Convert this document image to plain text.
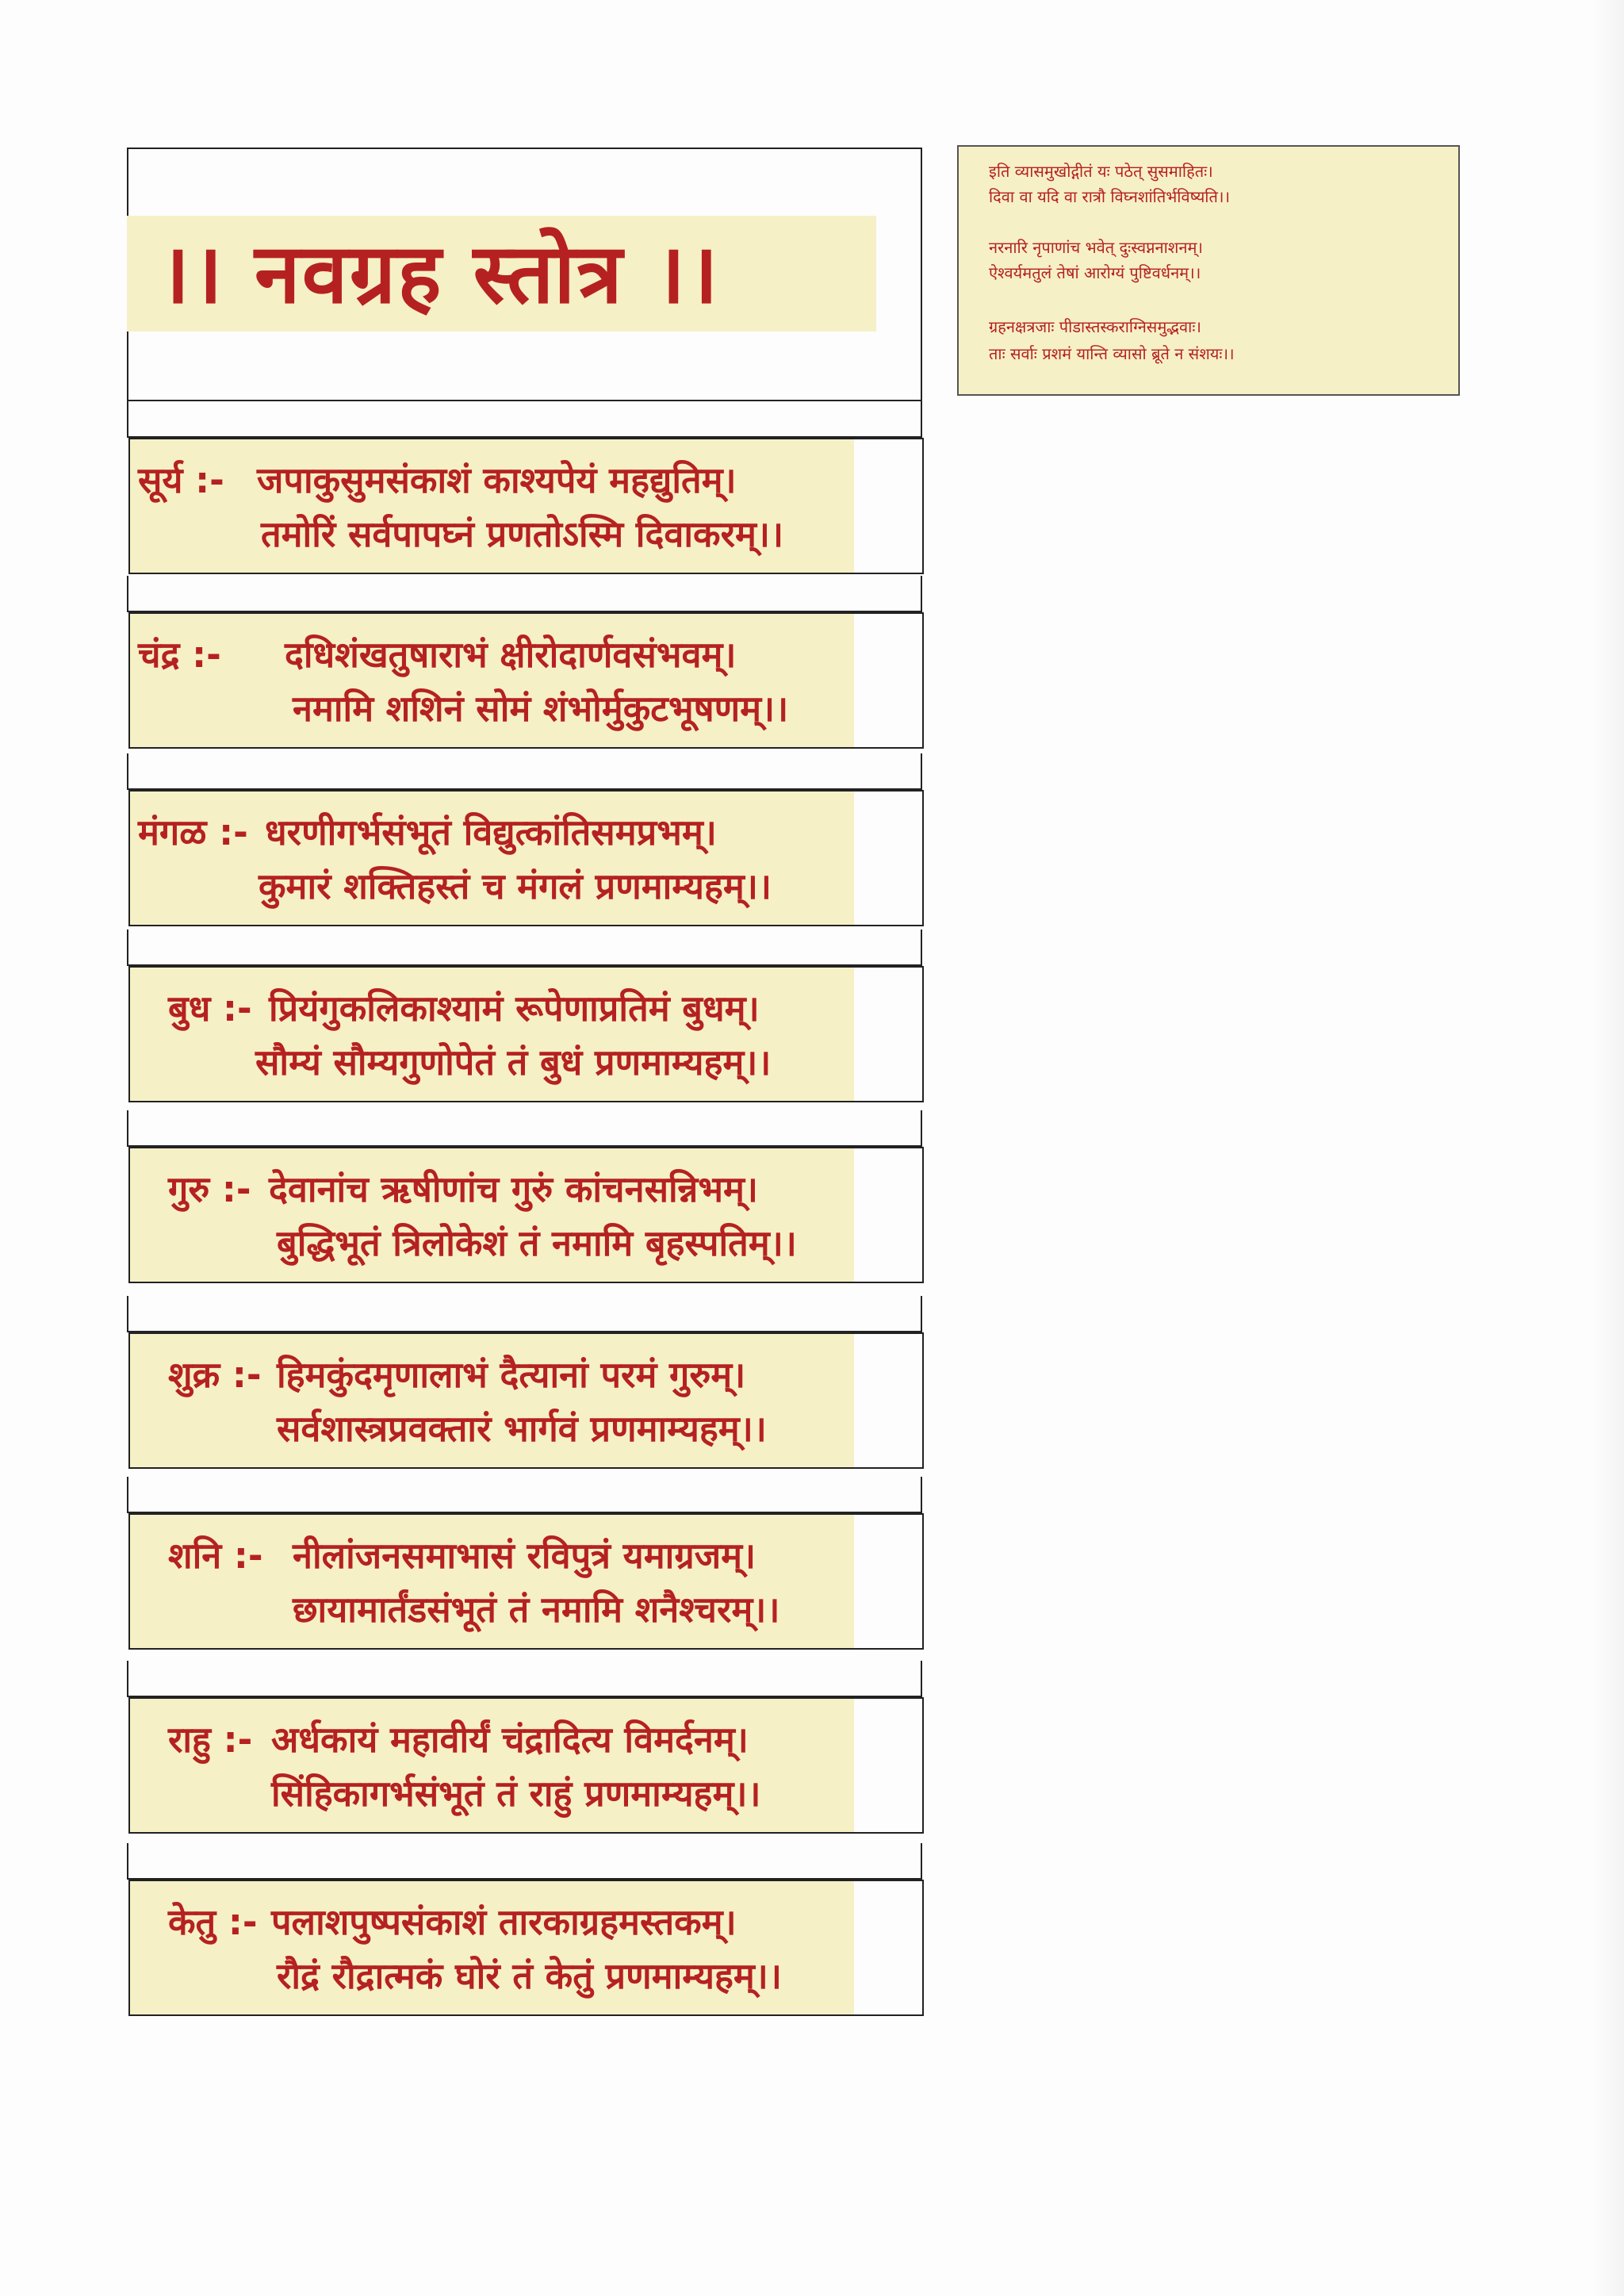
।। नवग्रह स्तोत्र ।।
सूर्य :- जपाकुसुमसंकाशं काश्यपेयं महद्युतिम्।
तमोरिं सर्वपापघ्नं प्रणतोऽस्मि दिवाकरम्।।
चंद्र :- दधिशंखतुषाराभं क्षीरोदार्णवसंभवम्।
नमामि शशिनं सोमं शंभोर्मुकुटभूषणम्।।
मंगळ :- धरणीगर्भसंभूतं विद्युत्कांतिसमप्रभम्।
कुमारं शक्तिहस्तं च मंगलं प्रणमाम्यहम्।।
बुध :- प्रियंगुकलिकाश्यामं रूपेणाप्रतिमं बुधम्।
सौम्यं सौम्यगुणोपेतं तं बुधं प्रणमाम्यहम्।।
गुरु :- देवानांच ऋषीणांच गुरुं कांचनसन्निभम्।
बुद्धिभूतं त्रिलोकेशं तं नमामि बृहस्पतिम्।।
शुक्र :- हिमकुंदमृणालाभं दैत्यानां परमं गुरुम्।
सर्वशास्त्रप्रवक्तारं भार्गवं प्रणमाम्यहम्।।
शनि :- नीलांजनसमाभासं रविपुत्रं यमाग्रजम्।
छायामार्तंडसंभूतं तं नमामि शनैश्चरम्।।
राहु :- अर्धकायं महावीर्यं चंद्रादित्य विमर्दनम्।
सिंहिकागर्भसंभूतं तं राहुं प्रणमाम्यहम्।।
केतु :- पलाशपुष्पसंकाशं तारकाग्रहमस्तकम्।
रौद्रं रौद्रात्मकं घोरं तं केतुं प्रणमाम्यहम्।।
इति व्यासमुखोद्गीतं यः पठेत् सुसमाहितः।
दिवा वा यदि वा रात्रौ विघ्नशांतिर्भविष्यति।।
नरनारि नृपाणांच भवेत् दुःस्वप्ननाशनम्।
ऐश्वर्यमतुलं तेषां आरोग्यं पुष्टिवर्धनम्।।
ग्रहनक्षत्रजाः पीडास्तस्कराग्निसमुद्भवाः।
ताः सर्वाः प्रशमं यान्ति व्यासो ब्रूते न संशयः।।
